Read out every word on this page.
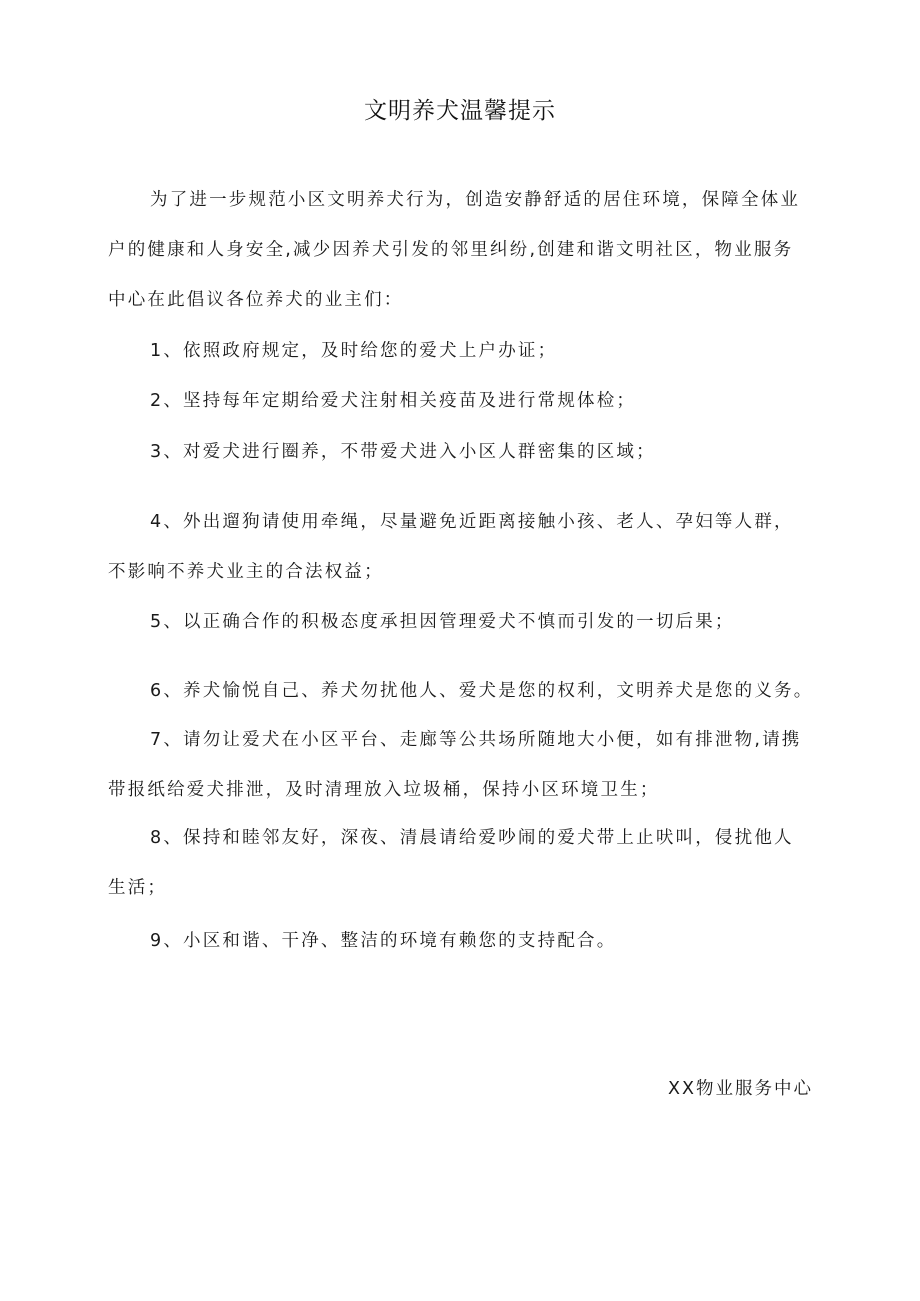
文明养犬温馨提示
为了进一步规范小区文明养犬行为，创造安静舒适的居住环境，保障全体业
户的健康和人身安全,减少因养犬引发的邻里纠纷,创建和谐文明社区，物业服务
中心在此倡议各位养犬的业主们：
1、依照政府规定，及时给您的爱犬上户办证；
2、坚持每年定期给爱犬注射相关疫苗及进行常规体检；
3、对爱犬进行圈养，不带爱犬进入小区人群密集的区域；
4、外出遛狗请使用牵绳，尽量避免近距离接触小孩、老人、孕妇等人群，
不影响不养犬业主的合法权益；
5、以正确合作的积极态度承担因管理爱犬不慎而引发的一切后果；
6、养犬愉悦自己、养犬勿扰他人、爱犬是您的权利，文明养犬是您的义务。
7、请勿让爱犬在小区平台、走廊等公共场所随地大小便，如有排泄物,请携
带报纸给爱犬排泄，及时清理放入垃圾桶，保持小区环境卫生；
8、保持和睦邻友好，深夜、清晨请给爱吵闹的爱犬带上止吠叫，侵扰他人
生活；
9、小区和谐、干净、整洁的环境有赖您的支持配合。
XX物业服务中心
